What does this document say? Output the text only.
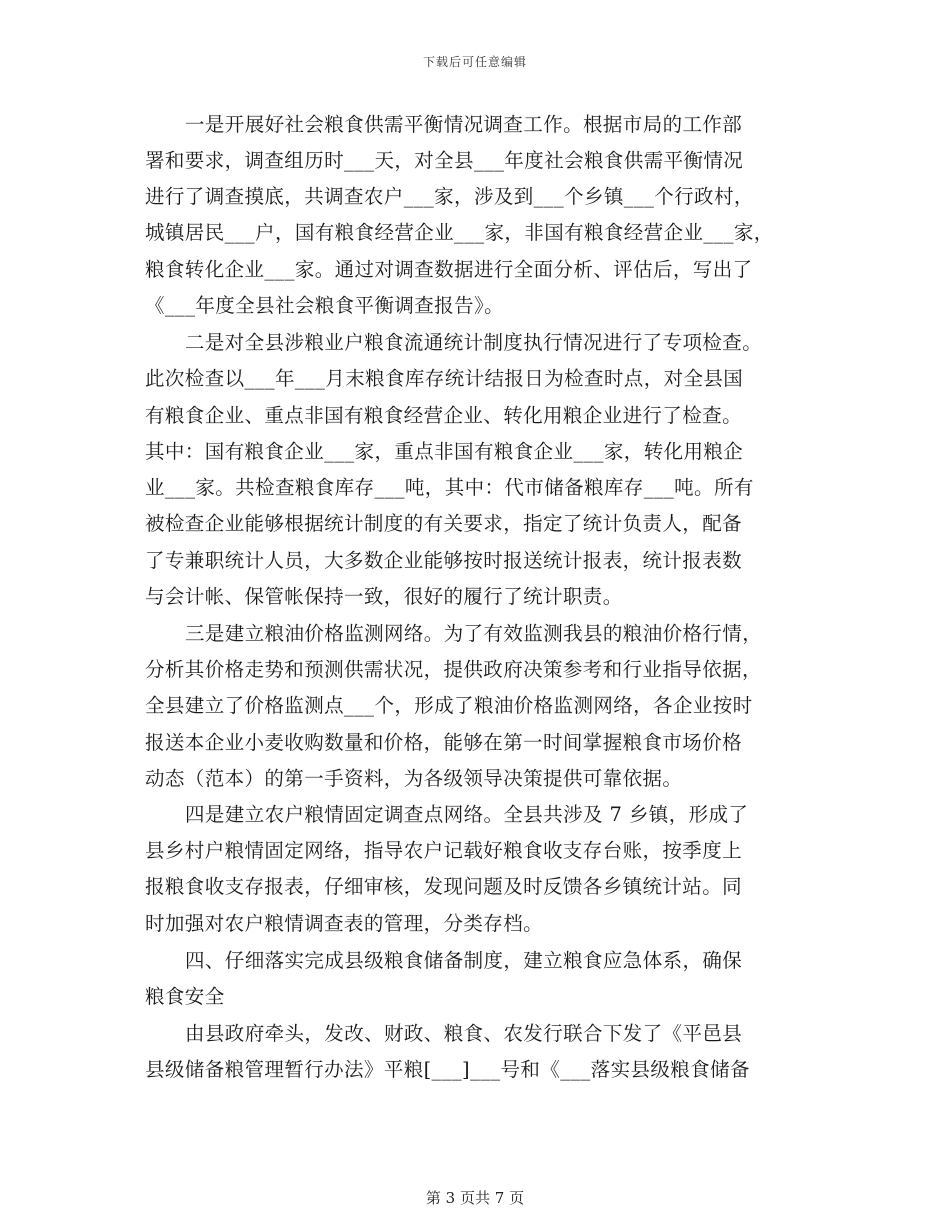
下载后可任意编辑
一是开展好社会粮食供需平衡情况调查工作。根据市局的工作部
署和要求，调查组历时___天，对全县___年度社会粮食供需平衡情况
进行了调查摸底，共调查农户___家，涉及到___个乡镇___个行政村，
城镇居民___户，国有粮食经营企业___家，非国有粮食经营企业___家，
粮食转化企业___家。通过对调查数据进行全面分析、评估后，写出了
《___年度全县社会粮食平衡调查报告》。
二是对全县涉粮业户粮食流通统计制度执行情况进行了专项检查。
此次检查以___年___月末粮食库存统计结报日为检查时点，对全县国
有粮食企业、重点非国有粮食经营企业、转化用粮企业进行了检查。
其中：国有粮食企业___家，重点非国有粮食企业___家，转化用粮企
业___家。共检查粮食库存___吨，其中：代市储备粮库存___吨。所有
被检查企业能够根据统计制度的有关要求，指定了统计负责人，配备
了专兼职统计人员，大多数企业能够按时报送统计报表，统计报表数
与会计帐、保管帐保持一致，很好的履行了统计职责。
三是建立粮油价格监测网络。为了有效监测我县的粮油价格行情，
分析其价格走势和预测供需状况，提供政府决策参考和行业指导依据，
全县建立了价格监测点___个，形成了粮油价格监测网络，各企业按时
报送本企业小麦收购数量和价格，能够在第一时间掌握粮食市场价格
动态（范本）的第一手资料，为各级领导决策提供可靠依据。
四是建立农户粮情固定调查点网络。全县共涉及 7 乡镇，形成了
县乡村户粮情固定网络，指导农户记载好粮食收支存台账，按季度上
报粮食收支存报表，仔细审核，发现问题及时反馈各乡镇统计站。同
时加强对农户粮情调查表的管理，分类存档。
四、仔细落实完成县级粮食储备制度，建立粮食应急体系，确保
粮食安全
由县政府牵头，发改、财政、粮食、农发行联合下发了《平邑县
县级储备粮管理暂行办法》平粮[___]___号和《___落实县级粮食储备
第 3 页共 7 页
